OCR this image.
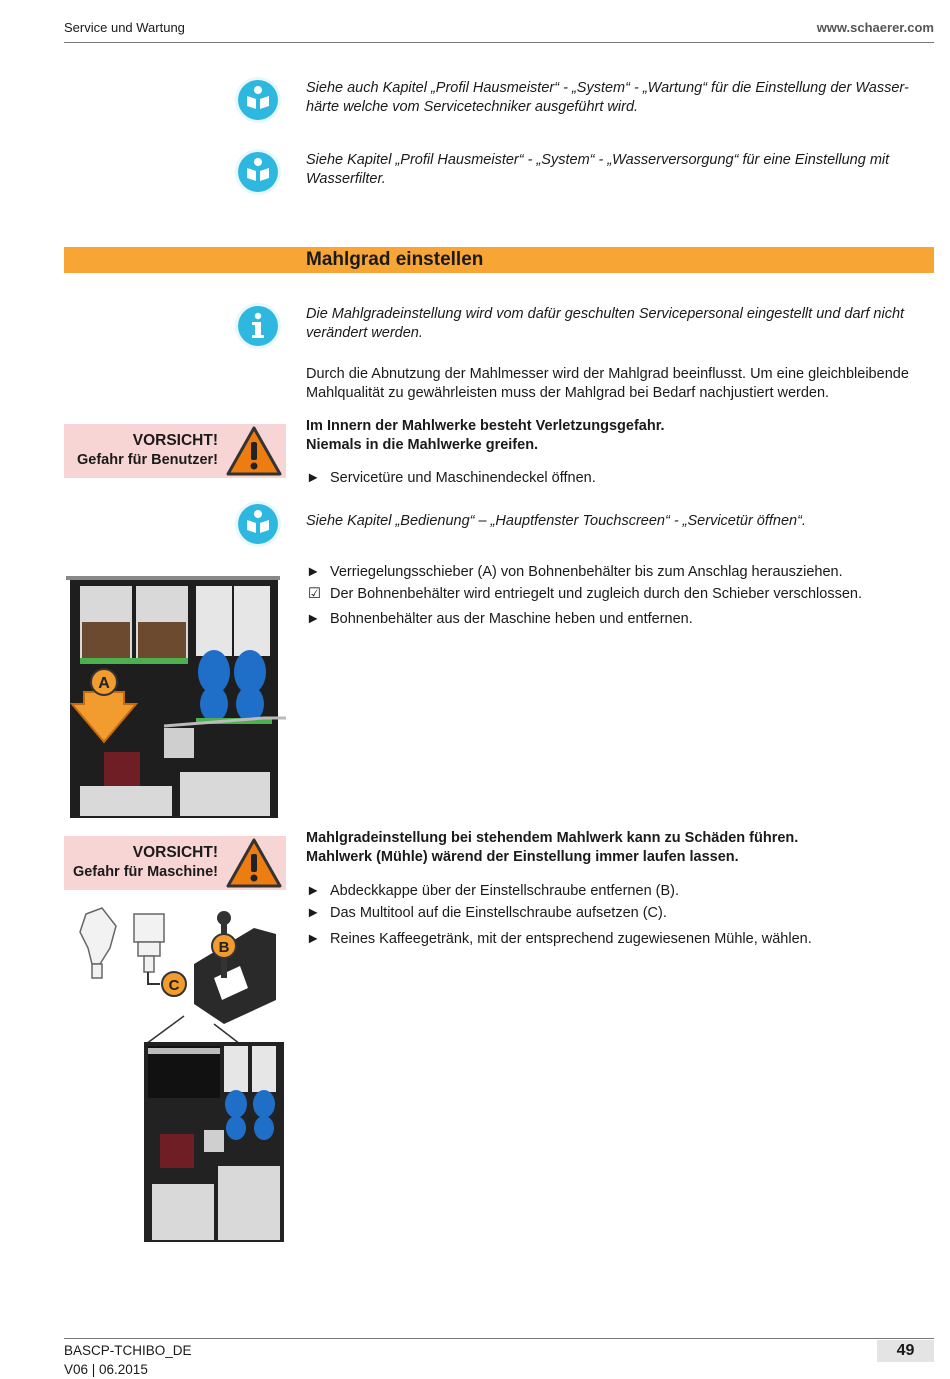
Service und Wartung	www.schaerer.com
Siehe auch Kapitel „Profil Hausmeister“ - „System“ - „Wartung“ für die Einstellung der Wasser-
härte welche vom Servicetechniker ausgeführt wird.
Siehe Kapitel „Profil Hausmeister“ - „System“ - „Wasserversorgung“ für eine Einstellung mit
Wasserfilter.
Mahlgrad einstellen
Die Mahlgradeinstellung wird vom dafür geschulten Servicepersonal eingestellt und darf nicht
verändert werden.
Durch die Abnutzung der Mahlmesser wird der Mahlgrad beeinflusst. Um eine gleichbleibende
Mahlqualität zu gewährleisten muss der Mahlgrad bei Bedarf nachjustiert werden.
VORSICHT!
Gefahr für Benutzer!
Im Innern der Mahlwerke besteht Verletzungsgefahr.
Niemals in die Mahlwerke greifen.
► Servicetüre und Maschinendeckel öffnen.
Siehe Kapitel „Bedienung“ – „Hauptfenster Touchscreen“ - „Servicetür öffnen“.
► Verriegelungsschieber (A) von Bohnenbehälter bis zum Anschlag herausziehen.
☑ Der Bohnenbehälter wird entriegelt und zugleich durch den Schieber verschlossen.
► Bohnenbehälter aus der Maschine heben und entfernen.
A
VORSICHT!
Gefahr für Maschine!
Mahlgradeinstellung bei stehendem Mahlwerk kann zu Schäden führen.
Mahlwerk (Mühle) wärend der Einstellung immer laufen lassen.
► Abdeckkappe über der Einstellschraube entfernen (B).
► Das Multitool auf die Einstellschraube aufsetzen (C).
► Reines Kaffeegetränk, mit der entsprechend zugewiesenen Mühle, wählen.
B
C
BASCP-TCHIBO_DE
V06 | 06.2015
49
